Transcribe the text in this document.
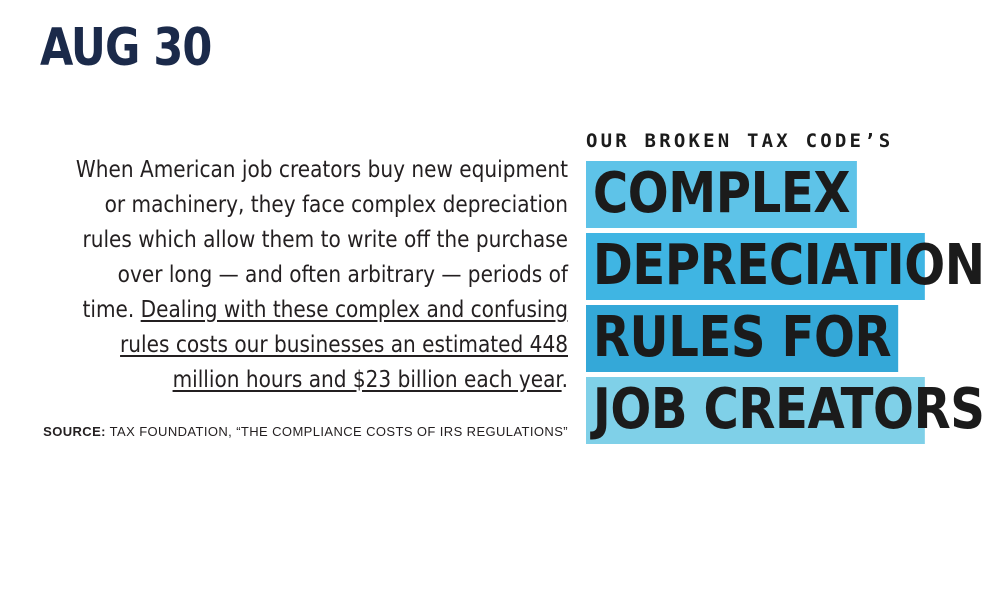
AUG 30

When American job creators buy new equipment or machinery, they face complex depreciation rules which allow them to write off the purchase over long — and often arbitrary — periods of time. Dealing with these complex and confusing rules costs our businesses an estimated 448 million hours and $23 billion each year.

SOURCE: TAX FOUNDATION, “THE COMPLIANCE COSTS OF IRS REGULATIONS”
OUR BROKEN TAX CODE’S
COMPLEX
DEPRECIATION
RULES FOR
JOB CREATORS
